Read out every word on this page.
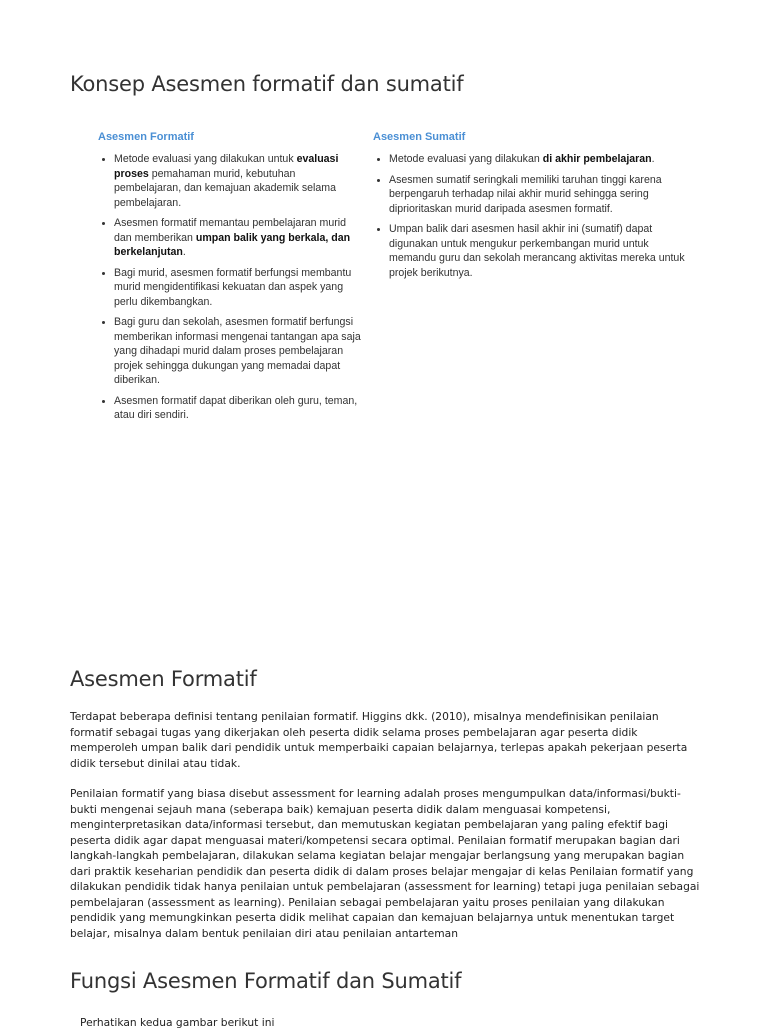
Konsep Asesmen formatif dan sumatif
Asesmen Formatif
• Metode evaluasi yang dilakukan untuk evaluasi proses pemahaman murid, kebutuhan pembelajaran, dan kemajuan akademik selama pembelajaran.
• Asesmen formatif memantau pembelajaran murid dan memberikan umpan balik yang berkala, dan berkelanjutan.
• Bagi murid, asesmen formatif berfungsi membantu murid mengidentifikasi kekuatan dan aspek yang perlu dikembangkan.
• Bagi guru dan sekolah, asesmen formatif berfungsi memberikan informasi mengenai tantangan apa saja yang dihadapi murid dalam proses pembelajaran projek sehingga dukungan yang memadai dapat diberikan.
• Asesmen formatif dapat diberikan oleh guru, teman, atau diri sendiri.
Asesmen Sumatif
• Metode evaluasi yang dilakukan di akhir pembelajaran.
• Asesmen sumatif seringkali memiliki taruhan tinggi karena berpengaruh terhadap nilai akhir murid sehingga sering diprioritaskan murid daripada asesmen formatif.
• Umpan balik dari asesmen hasil akhir ini (sumatif) dapat digunakan untuk mengukur perkembangan murid untuk memandu guru dan sekolah merancang aktivitas mereka untuk projek berikutnya.
Asesmen Formatif

Terdapat beberapa definisi tentang penilaian formatif. Higgins dkk. (2010), misalnya mendefinisikan penilaian formatif sebagai tugas yang dikerjakan oleh peserta didik selama proses pembelajaran agar peserta didik memperoleh umpan balik dari pendidik untuk memperbaiki capaian belajarnya, terlepas apakah pekerjaan peserta didik tersebut dinilai atau tidak.

Penilaian formatif yang biasa disebut assessment for learning adalah proses mengumpulkan data/informasi/bukti-bukti mengenai sejauh mana (seberapa baik) kemajuan peserta didik dalam menguasai kompetensi, menginterpretasikan data/informasi tersebut, dan memutuskan kegiatan pembelajaran yang paling efektif bagi peserta didik agar dapat menguasai materi/kompetensi secara optimal. Penilaian formatif merupakan bagian dari langkah-langkah pembelajaran, dilakukan selama kegiatan belajar mengajar berlangsung yang merupakan bagian dari praktik keseharian pendidik dan peserta didik di dalam proses belajar mengajar di kelas Penilaian formatif yang dilakukan pendidik tidak hanya penilaian untuk pembelajaran (assessment for learning) tetapi juga penilaian sebagai pembelajaran (assessment as learning). Penilaian sebagai pembelajaran yaitu proses penilaian yang dilakukan pendidik yang memungkinkan peserta didik melihat capaian dan kemajuan belajarnya untuk menentukan target belajar, misalnya dalam bentuk penilaian diri atau penilaian antarteman

Fungsi Asesmen Formatif dan Sumatif

Perhatikan kedua gambar berikut ini
